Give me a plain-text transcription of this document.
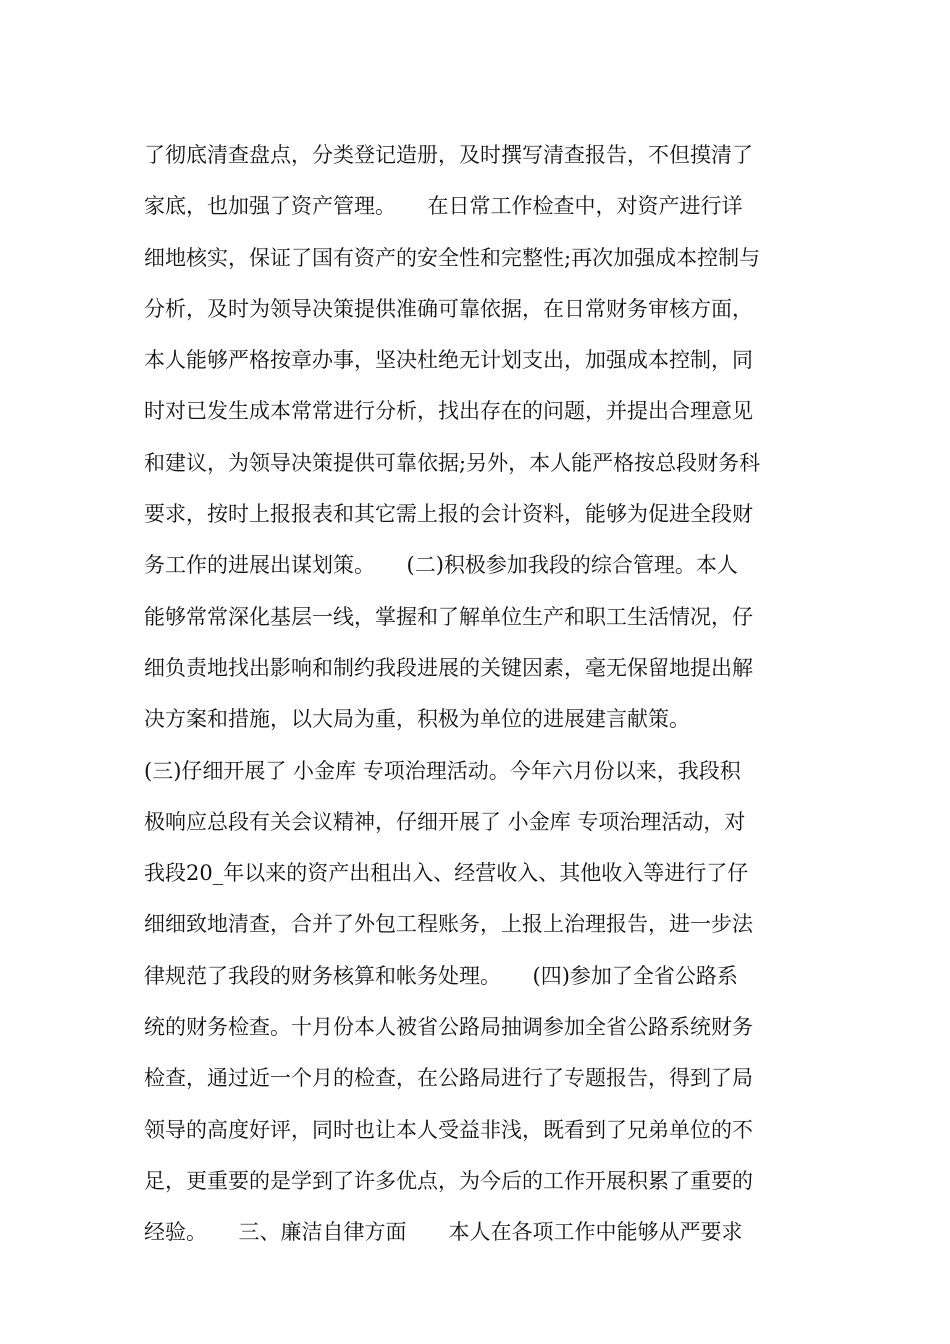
了彻底清查盘点，分类登记造册，及时撰写清查报告，不但摸清了
家底，也加强了资产管理。　　在日常工作检查中，对资产进行详
细地核实，保证了国有资产的安全性和完整性;再次加强成本控制与
分析，及时为领导决策提供准确可靠依据，在日常财务审核方面，
本人能够严格按章办事，坚决杜绝无计划支出，加强成本控制，同
时对已发生成本常常进行分析，找出存在的问题，并提出合理意见
和建议，为领导决策提供可靠依据;另外，本人能严格按总段财务科
要求，按时上报报表和其它需上报的会计资料，能够为促进全段财
务工作的进展出谋划策。　　(二)积极参加我段的综合管理。本人
能够常常深化基层一线，掌握和了解单位生产和职工生活情况，仔
细负责地找出影响和制约我段进展的关键因素，毫无保留地提出解
决方案和措施，以大局为重，积极为单位的进展建言献策。
(三)仔细开展了 小金库 专项治理活动。今年六月份以来，我段积
极响应总段有关会议精神，仔细开展了 小金库 专项治理活动，对
我段20_年以来的资产出租出入、经营收入、其他收入等进行了仔
细细致地清查，合并了外包工程账务，上报上治理报告，进一步法
律规范了我段的财务核算和帐务处理。　　(四)参加了全省公路系
统的财务检查。十月份本人被省公路局抽调参加全省公路系统财务
检查，通过近一个月的检查，在公路局进行了专题报告，得到了局
领导的高度好评，同时也让本人受益非浅，既看到了兄弟单位的不
足，更重要的是学到了许多优点，为今后的工作开展积累了重要的
经验。　　三、廉洁自律方面　　本人在各项工作中能够从严要求
